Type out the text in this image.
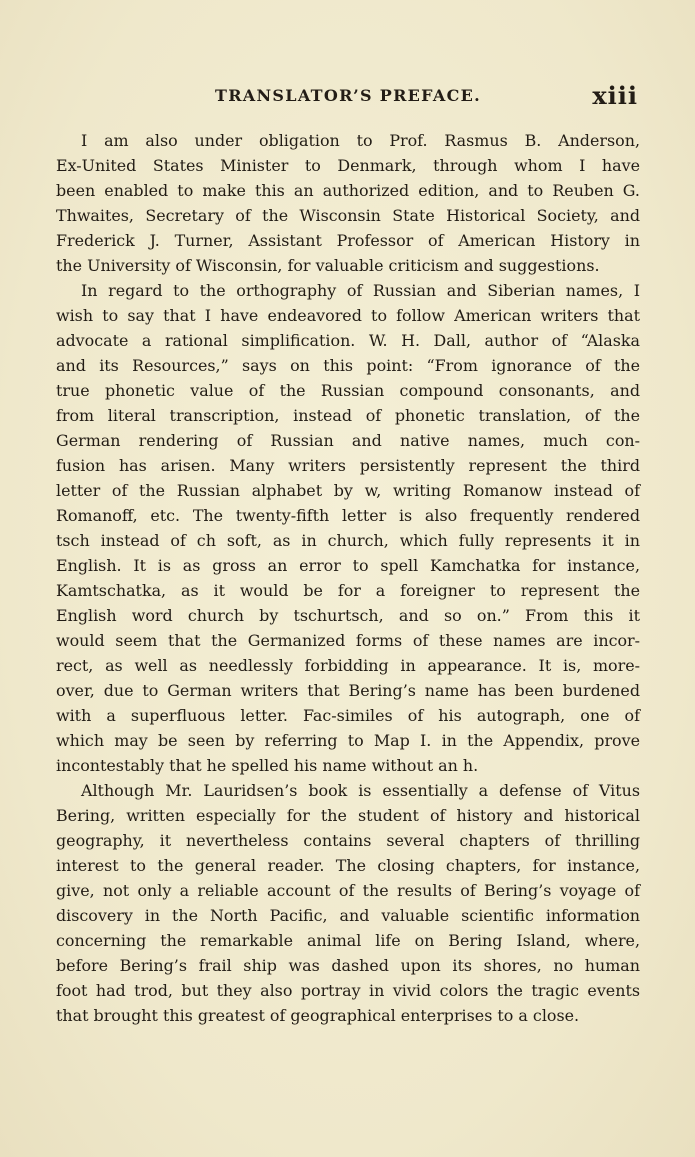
TRANSLATOR’S PREFACE.	xiii
I am also under obligation to Prof. Rasmus B. Anderson,
Ex-United States Minister to Denmark, through whom I have
been enabled to make this an authorized edition, and to Reuben G.
Thwaites, Secretary of the Wisconsin State Historical Society, and
Frederick J. Turner, Assistant Professor of American History in
the University of Wisconsin, for valuable criticism and suggestions.
In regard to the orthography of Russian and Siberian names, I
wish to say that I have endeavored to follow American writers that
advocate a rational simplification. W. H. Dall, author of “Alaska
and its Resources,” says on this point: “From ignorance of the
true phonetic value of the Russian compound consonants, and
from literal transcription, instead of phonetic translation, of the
German rendering of Russian and native names, much con-
fusion has arisen. Many writers persistently represent the third
letter of the Russian alphabet by w, writing Romanow instead of
Romanoff, etc. The twenty-fifth letter is also frequently rendered
tsch instead of ch soft, as in church, which fully represents it in
English. It is as gross an error to spell Kamchatka for instance,
Kamtschatka, as it would be for a foreigner to represent the
English word church by tschurtsch, and so on.” From this it
would seem that the Germanized forms of these names are incor-
rect, as well as needlessly forbidding in appearance. It is, more-
over, due to German writers that Bering’s name has been burdened
with a superfluous letter. Fac-similes of his autograph, one of
which may be seen by referring to Map I. in the Appendix, prove
incontestably that he spelled his name without an h.
Although Mr. Lauridsen’s book is essentially a defense of Vitus
Bering, written especially for the student of history and historical
geography, it nevertheless contains several chapters of thrilling
interest to the general reader. The closing chapters, for instance,
give, not only a reliable account of the results of Bering’s voyage of
discovery in the North Pacific, and valuable scientific information
concerning the remarkable animal life on Bering Island, where,
before Bering’s frail ship was dashed upon its shores, no human
foot had trod, but they also portray in vivid colors the tragic events
that brought this greatest of geographical enterprises to a close.
